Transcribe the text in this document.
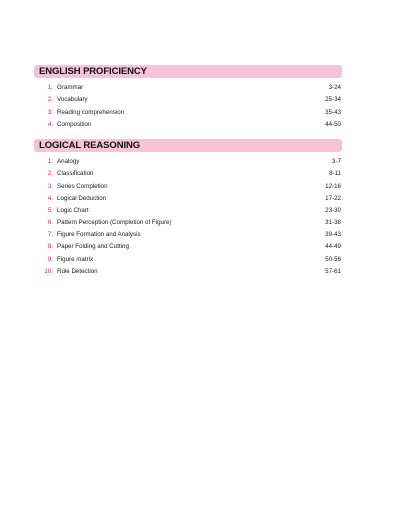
ENGLISH PROFICIENCY
1. Grammar	3-24
2. Vocabulary	25-34
3. Reading comprehension	35-43
4. Composition	44-50
LOGICAL REASONING
1. Analogy	3-7
2. Classification	8-11
3. Series Completion	12-16
4. Logical Deduction	17-22
5. Logic Chart	23-30
6. Pattern Perception (Completion of Figure)	31-38
7. Figure Formation and Analysis	39-43
8. Paper Folding and Cutting	44-49
9. Figure matrix	50-56
10. Rule Detection	57-61
